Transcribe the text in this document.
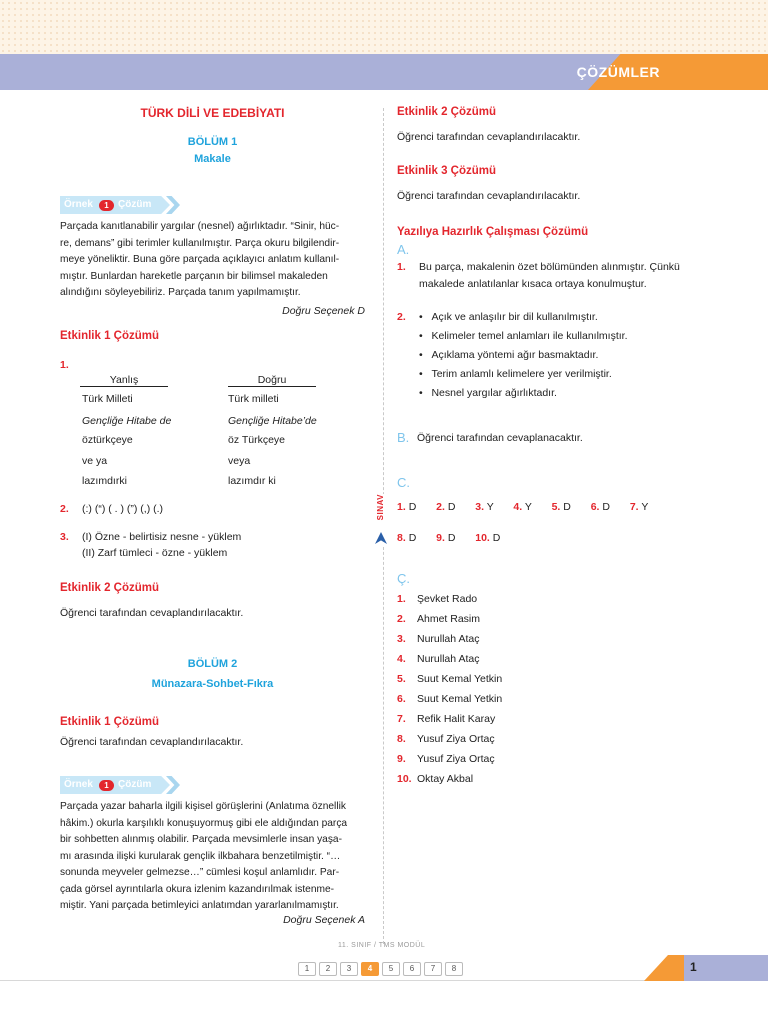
ÇÖZÜMLER
SINAV
TÜRK DİLİ VE EDEBİYATI
BÖLÜM 1
Makale
Örnek	1 Çözüm
Parçada kanıtlanabilir yargılar (nesnel) ağırlıktadır. “Sinir, hüc-
re, demans” gibi terimler kullanılmıştır. Parça okuru bilgilendir-
meye yöneliktir. Buna göre parçada açıklayıcı anlatım kullanıl-
mıştır. Bunlardan hareketle parçanın bir bilimsel makaleden
alındığını söyleyebiliriz. Parçada tanım yapılmamıştır.
Doğru Seçenek D
Etkinlik 1 Çözümü
1.
Yanlış	Doğru
Türk Milleti	Türk milleti
Gençliğe Hitabe de	Gençliğe Hitabe’de
öztürkçeye	öz Türkçeye
ve ya	veya
lazımdırki	lazımdır ki
2. (:) (“) ( . ) (”) (,) (.)
3. (I) Özne - belirtisiz nesne - yüklem
(II) Zarf tümleci - özne - yüklem
Etkinlik 2 Çözümü
Öğrenci tarafından cevaplandırılacaktır.
BÖLÜM 2
Münazara-Sohbet-Fıkra
Etkinlik 1 Çözümü
Öğrenci tarafından cevaplandırılacaktır.
Örnek	1 Çözüm
Parçada yazar baharla ilgili kişisel görüşlerini (Anlatıma öznellik
hâkim.) okurla karşılıklı konuşuyormuş gibi ele aldığından parça
bir sohbetten alınmış olabilir. Parçada mevsimlerle insan yaşa-
mı arasında ilişki kurularak gençlik ilkbahara benzetilmiştir. “…
sonunda meyveler gelmezse…” cümlesi koşul anlamlıdır. Par-
çada görsel ayrıntılarla okura izlenim kazandırılmak istenme-
miştir. Yani parçada betimleyici anlatımdan yararlanılmamıştır.
Doğru Seçenek A
Etkinlik 2 Çözümü
Öğrenci tarafından cevaplandırılacaktır.
Etkinlik 3 Çözümü
Öğrenci tarafından cevaplandırılacaktır.
Yazılıya Hazırlık Çalışması Çözümü
A.
1. Bu parça, makalenin özet bölümünden alınmıştır. Çünkü
makalede anlatılanlar kısaca ortaya konulmuştur.
2. • Açık ve anlaşılır bir dil kullanılmıştır.
• Kelimeler temel anlamları ile kullanılmıştır.
• Açıklama yöntemi ağır basmaktadır.
• Terim anlamlı kelimelere yer verilmiştir.
• Nesnel yargılar ağırlıktadır.
B. Öğrenci tarafından cevaplanacaktır.
C.
1. D 2. D 3. Y 4. Y 5. D 6. D 7. Y
8. D 9. D 10. D
Ç.
1. Şevket Rado
2. Ahmet Rasim
3. Nurullah Ataç
4. Nurullah Ataç
5. Suut Kemal Yetkin
6. Suut Kemal Yetkin
7. Refik Halit Karay
8. Yusuf Ziya Ortaç
9. Yusuf Ziya Ortaç
10. Oktay Akbal
11. SINIF / TMS MODÜL
1	2	3	4	5	6	7	8	1
